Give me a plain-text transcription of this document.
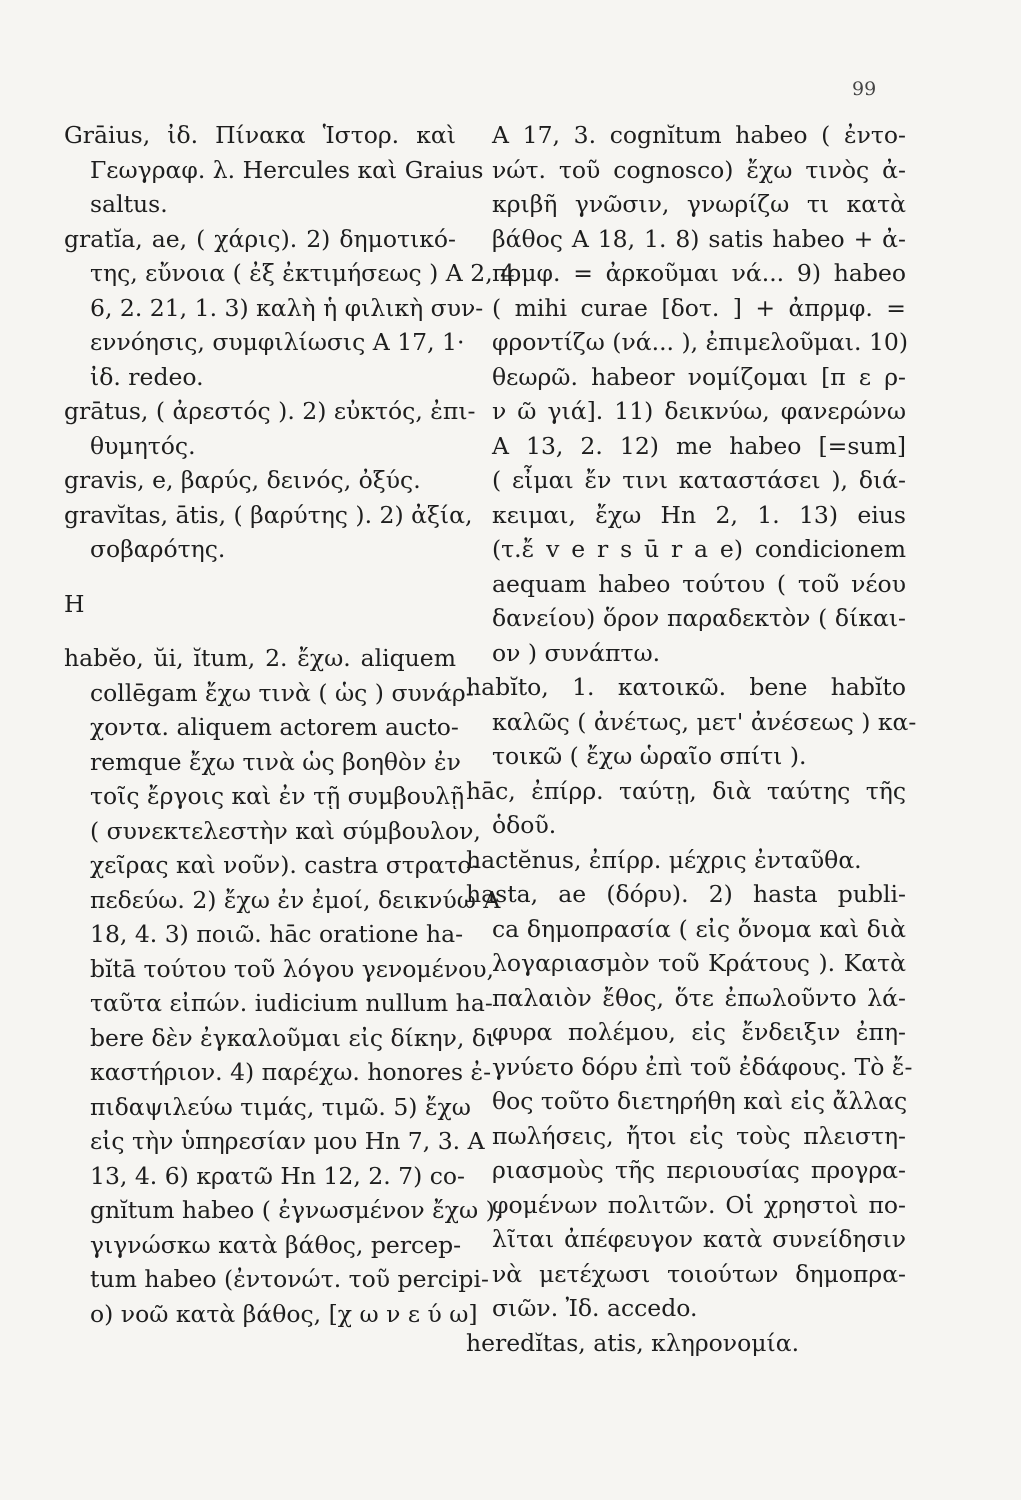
99
Grāius, ἰδ. Πίνακα Ἱστορ. καὶ
Γεωγραφ. λ. Hercules καὶ Graius
saltus.
gratĭa, ae, ( χάρις). 2) δημοτικό-
της, εὔνοια ( ἐξ ἐκτιμήσεως ) Α 2, 4
6, 2. 21, 1. 3) καλὴ ἡ φιλικὴ συν-
εννόησις, συμφιλίωσις Α 17, 1·
ἰδ. redeo.
grātus, ( ἀρεστός ). 2) εὐκτός, ἐπι-
θυμητός.
gravis, e, βαρύς, δεινός, ὀξύς.
gravĭtas, ātis, ( βαρύτης ). 2) ἀξία,
σοβαρότης.
H
habĕo, ŭi, ĭtum, 2. ἔχω. aliquem
collēgam ἔχω τινὰ ( ὡς ) συνάρ-
χοντα. aliquem actorem aucto-
remque ἔχω τινὰ ὡς βοηθὸν ἐν
τοῖς ἔργοις καὶ ἐν τῇ συμβουλῇ
( συνεκτελεστὴν καὶ σύμβουλον,
χεῖρας καὶ νοῦν). castra στρατο-
πεδεύω. 2) ἔχω ἐν ἐμοί, δεικνύω Α
18, 4. 3) ποιῶ. hāc oratione ha-
bĭtā τούτου τοῦ λόγου γενομένου,
ταῦτα εἰπών. iudicium nullum ha-
bere δὲν ἐγκαλοῦμαι εἰς δίκην, δι-
καστήριον. 4) παρέχω. honores ἐ-
πιδαψιλεύω τιμάς, τιμῶ. 5) ἔχω
εἰς τὴν ὑπηρεσίαν μου Hn 7, 3. Α
13, 4. 6) κρατῶ Hn 12, 2. 7) co-
gnĭtum habeo ( ἐγνωσμένον ἔχω ),
γιγνώσκω κατὰ βάθος, percep-
tum habeo (ἐντονώτ. τοῦ percipi-
o) νοῶ κατὰ βάθος, [χ ω ν ε ύ ω]
Α 17, 3. cognĭtum habeo ( ἐντο-
νώτ. τοῦ cognosco) ἔχω τινὸς ἀ-
κριβῆ γνῶσιν, γνωρίζω τι κατὰ
βάθος Α 18, 1. 8) satis habeo + ἀ-
πρμφ. = ἀρκοῦμαι νά... 9) habeo
( mihi curae [δοτ. ] + ἀπρμφ. =
φροντίζω (νά... ), ἐπιμελοῦμαι. 10)
θεωρῶ. habeor νομίζομαι [π ε ρ-
ν ῶ γιά]. 11) δεικνύω, φανερώνω
Α 13, 2. 12) me habeo [=sum]
( εἶμαι ἔν τινι καταστάσει ), διά-
κειμαι, ἔχω Hn 2, 1. 13) eius
(τ.ἔ v e r s ū r a e) condicionem
aequam habeo τούτου ( τοῦ νέου
δανείου) ὅρον παραδεκτὸν ( δίκαι-
ον ) συνάπτω.
habĭto, 1. κατοικῶ. bene habĭto
καλῶς ( ἀνέτως, μετ' ἀνέσεως ) κα-
τοικῶ ( ἔχω ὡραῖο σπίτι ).
hāc, ἐπίρρ. ταύτῃ, διὰ ταύτης τῆς
ὁδοῦ.
hactĕnus, ἐπίρρ. μέχρις ἐνταῦθα.
hasta, ae (δόρυ). 2) hasta publi-
ca δημοπρασία ( εἰς ὄνομα καὶ διὰ
λογαριασμὸν τοῦ Κράτους ). Κατὰ
παλαιὸν ἔθος, ὅτε ἐπωλοῦντο λά-
φυρα πολέμου, εἰς ἔνδειξιν ἐπη-
γνύετο δόρυ ἐπὶ τοῦ ἐδάφους. Τὸ ἔ-
θος τοῦτο διετηρήθη καὶ εἰς ἄλλας
πωλήσεις, ἤτοι εἰς τοὺς πλειστη-
ριασμοὺς τῆς περιουσίας προγρα-
φομένων πολιτῶν. Οἱ χρηστοὶ πο-
λῖται ἀπέφευγον κατὰ συνείδησιν
νὰ μετέχωσι τοιούτων δημοπρα-
σιῶν. Ἰδ. accedo.
heredĭtas, atis, κληρονομία.
